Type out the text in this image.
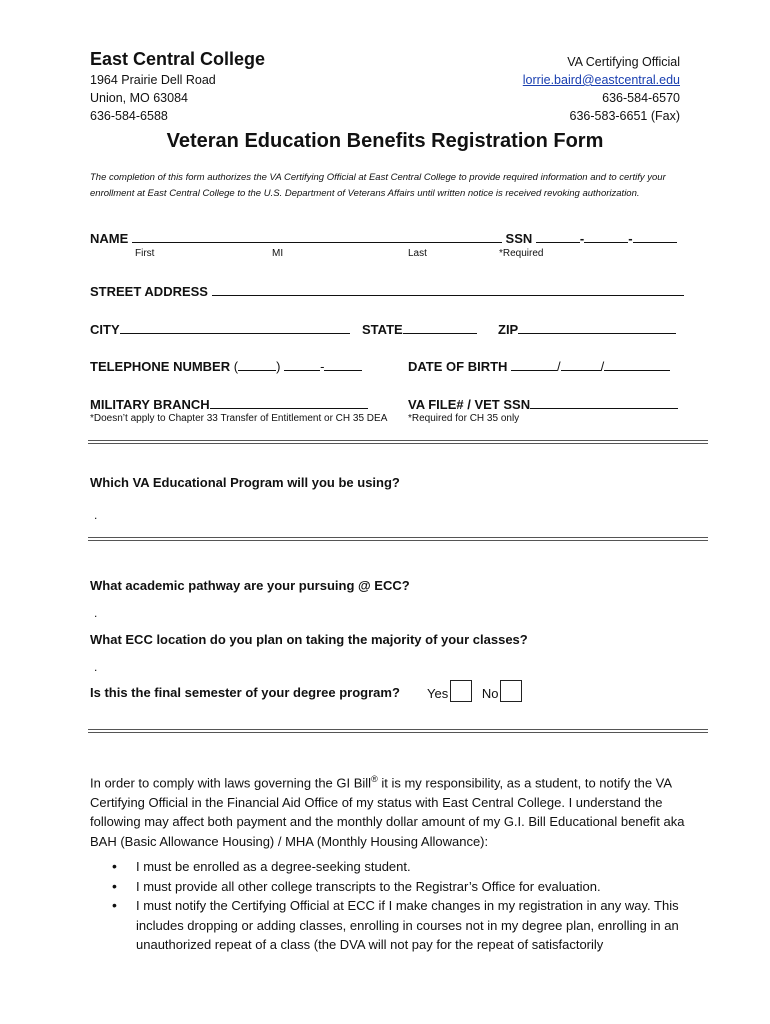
East Central College
1964 Prairie Dell Road
Union, MO 63084
636-584-6588
VA Certifying Official
lorrie.baird@eastcentral.edu
636-584-6570
636-583-6651 (Fax)
Veteran Education Benefits Registration Form
The completion of this form authorizes the VA Certifying Official at East Central College to provide required information and to certify your enrollment at East Central College to the U.S. Department of Veterans Affairs until written notice is received revoking authorization.
NAME	SSN	-	-
First	MI	Last	*Required
STREET ADDRESS
CITY	STATE	ZIP
TELEPHONE NUMBER (	)	-	DATE OF BIRTH	/	/
MILITARY BRANCH	VA FILE# / VET SSN
*Doesn’t apply to Chapter 33 Transfer of Entitlement or CH 35 DEA *Required for CH 35 only
Which VA Educational Program will you be using?
.
What academic pathway are your pursuing @ ECC?
.
What ECC location do you plan on taking the majority of your classes?
.
Is this the final semester of your degree program? Yes	No
In order to comply with laws governing the GI Bill® it is my responsibility, as a student, to notify the VA Certifying Official in the Financial Aid Office of my status with East Central College. I understand the following may affect both payment and the monthly dollar amount of my G.I. Bill Educational benefit aka BAH (Basic Allowance Housing) / MHA (Monthly Housing Allowance):
• I must be enrolled as a degree-seeking student.
• I must provide all other college transcripts to the Registrar’s Office for evaluation.
• I must notify the Certifying Official at ECC if I make changes in my registration in any way. This includes dropping or adding classes, enrolling in courses not in my degree plan, enrolling in an unauthorized repeat of a class (the DVA will not pay for the repeat of satisfactorily
